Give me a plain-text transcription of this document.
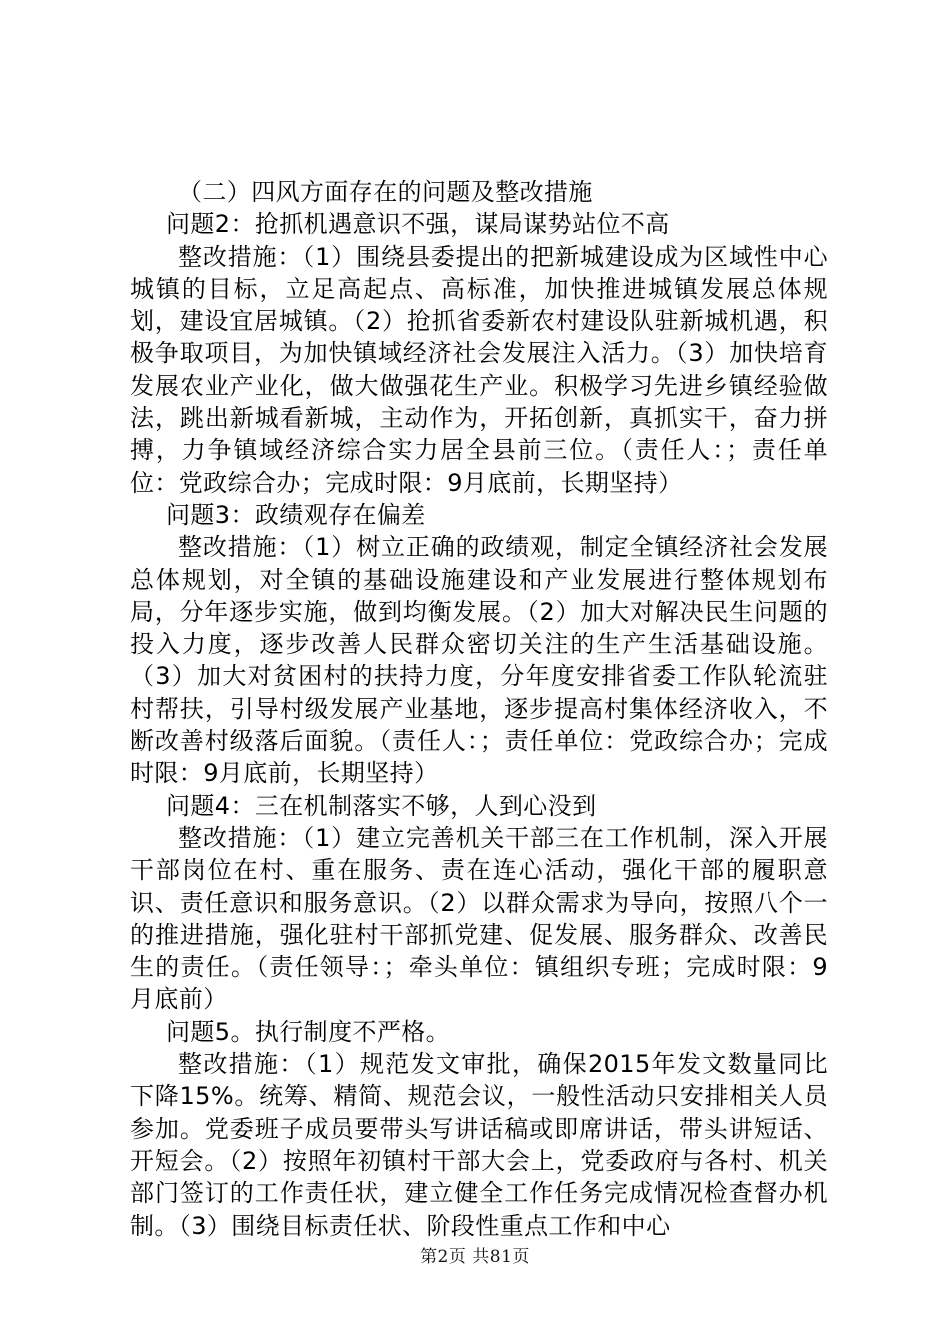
（二）四风方面存在的问题及整改措施

问题2：抢抓机遇意识不强，谋局谋势站位不高

整改措施：（1）围绕县委提出的把新城建设成为区域性中心城镇的目标，立足高起点、高标准，加快推进城镇发展总体规划，建设宜居城镇。（2）抢抓省委新农村建设队驻新城机遇，积极争取项目，为加快镇域经济社会发展注入活力。（3）加快培育发展农业产业化，做大做强花生产业。积极学习先进乡镇经验做法，跳出新城看新城，主动作为，开拓创新，真抓实干，奋力拼搏，力争镇域经济综合实力居全县前三位。（责任人：；责任单位：党政综合办；完成时限：9月底前，长期坚持）

问题3：政绩观存在偏差

整改措施：（1）树立正确的政绩观，制定全镇经济社会发展总体规划，对全镇的基础设施建设和产业发展进行整体规划布局，分年逐步实施，做到均衡发展。（2）加大对解决民生问题的投入力度，逐步改善人民群众密切关注的生产生活基础设施。（3）加大对贫困村的扶持力度，分年度安排省委工作队轮流驻村帮扶，引导村级发展产业基地，逐步提高村集体经济收入，不断改善村级落后面貌。（责任人：；责任单位：党政综合办；完成时限：9月底前，长期坚持）

问题4：三在机制落实不够，人到心没到

整改措施：（1）建立完善机关干部三在工作机制，深入开展干部岗位在村、重在服务、责在连心活动，强化干部的履职意识、责任意识和服务意识。（2）以群众需求为导向，按照八个一的推进措施，强化驻村干部抓党建、促发展、服务群众、改善民生的责任。（责任领导：；牵头单位：镇组织专班；完成时限：9月底前）

问题5。执行制度不严格。

整改措施：（1）规范发文审批，确保2015年发文数量同比下降15%。统筹、精简、规范会议，一般性活动只安排相关人员参加。党委班子成员要带头写讲话稿或即席讲话，带头讲短话、开短会。（2）按照年初镇村干部大会上，党委政府与各村、机关部门签订的工作责任状，建立健全工作任务完成情况检查督办机制。（3）围绕目标责任状、阶段性重点工作和中心

第2页 共81页
